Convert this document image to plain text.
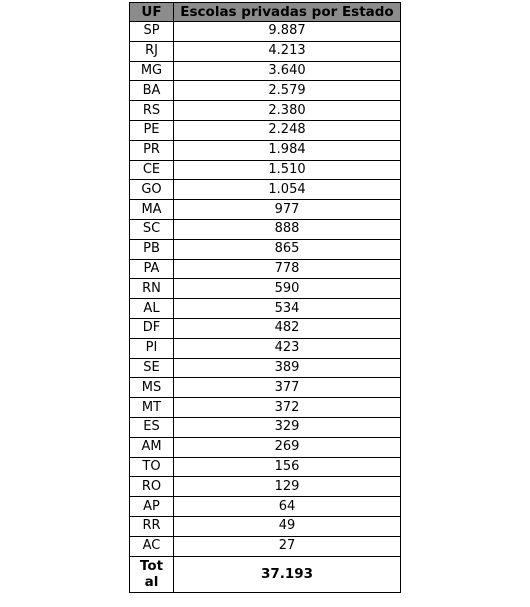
UF	Escolas privadas por Estado
SP	9.887
RJ	4.213
MG	3.640
BA	2.579
RS	2.380
PE	2.248
PR	1.984
CE	1.510
GO	1.054
MA	977
SC	888
PB	865
PA	778
RN	590
AL	534
DF	482
PI	423
SE	389
MS	377
MT	372
ES	329
AM	269
TO	156
RO	129
AP	64
RR	49
AC	27
Tot
al	37.193
